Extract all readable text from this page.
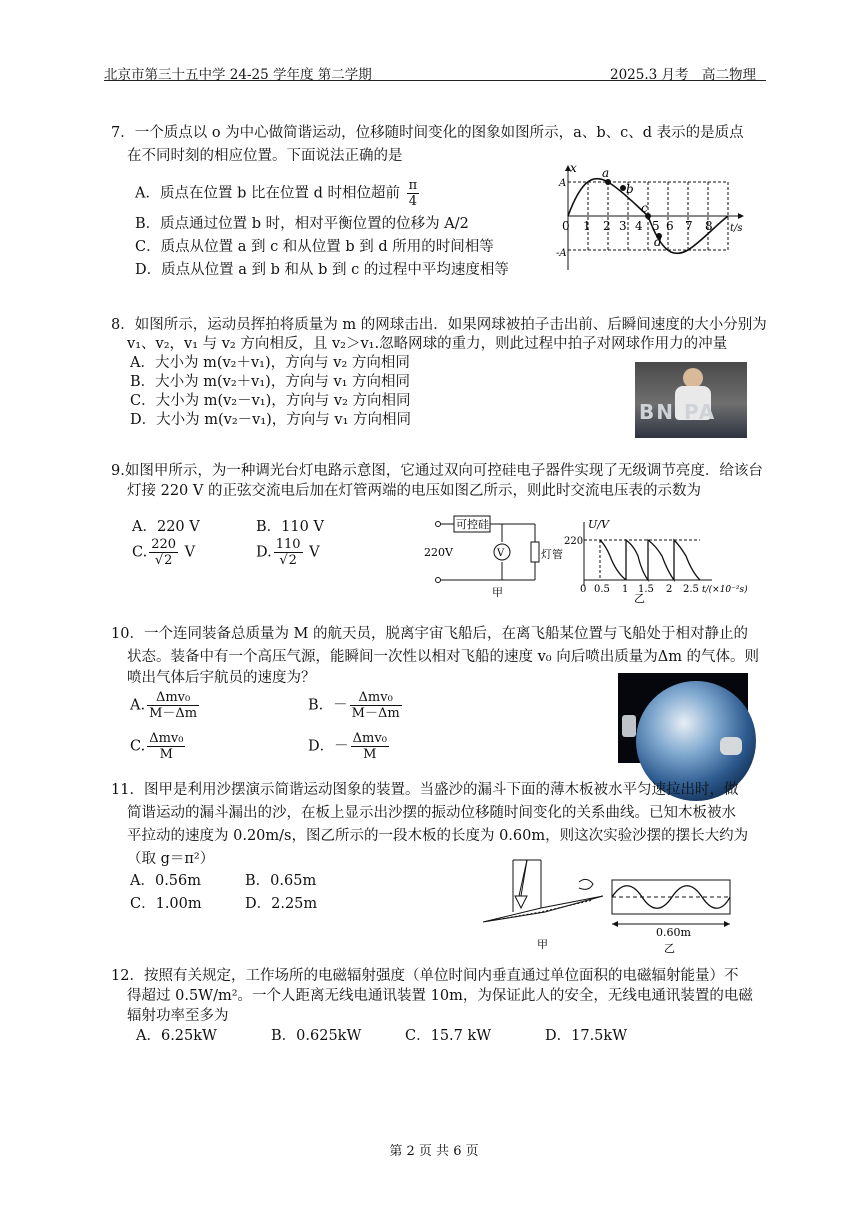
北京市第三十五中学 24-25 学年度 第二学期	2025.3 月考　高二物理
7．一个质点以 o 为中心做简谐运动，位移随时间变化的图象如图所示，a、b、c、d 表示的是质点
在不同时刻的相应位置。下面说法正确的是
A．质点在位置 b 比在位置 d 时相位超前 $\frac{\pi}{4}$
B．质点通过位置 b 时，相对平衡位置的位移为 A/2
C．质点从位置 a 到 c 和从位置 b 到 d 所用的时间相等
D．质点从位置 a 到 b 和从 b 到 c 的过程中平均速度相等
x
A
-A
t/s
0 1 2 3 4 5 6 7 8
a
b
c
d
8．如图所示，运动员挥拍将质量为 m 的网球击出．如果网球被拍子击出前、后瞬间速度的大小分别为
v₁、v₂，v₁ 与 v₂ 方向相反，且 v₂＞v₁.忽略网球的重力，则此过程中拍子对网球作用力的冲量
A．大小为 m(v₂＋v₁)，方向与 v₂ 方向相同
B．大小为 m(v₂＋v₁)，方向与 v₁ 方向相同
C．大小为 m(v₂－v₁)，方向与 v₂ 方向相同
D．大小为 m(v₂－v₁)，方向与 v₁ 方向相同	BN PA
9.如图甲所示，为一种调光台灯电路示意图，它通过双向可控硅电子器件实现了无级调节亮度．给该台
灯接 220 V 的正弦交流电后加在灯管两端的电压如图乙所示，则此时交流电压表的示数为
A．220 V	B．110 V
C. $\frac{220}{√2}$ V	D. $\frac{110}{√2}$ V
可控硅
V	灯管
220V
甲
U/V
220
0 0.5 1 1.5 2 2.5 t/(×10⁻²s)
乙
10．一个连同装备总质量为 M 的航天员，脱离宇宙飞船后，在离飞船某位置与飞船处于相对静止的
状态。装备中有一个高压气源，能瞬间一次性以相对飞船的速度 v₀ 向后喷出质量为Δm 的气体。则
喷出气体后宇航员的速度为？
A. $\frac{\text{Δmv₀}}{M-\Delta m}$	B．－ $\frac{\text{Δmv₀}}{M-\Delta m}$
C. $\frac{\text{Δmv₀}}{M}$	D．－ $\frac{\text{Δmv₀}}{M}$
11．图甲是利用沙摆演示简谐运动图象的装置。当盛沙的漏斗下面的薄木板被水平匀速拉出时，做
简谐运动的漏斗漏出的沙，在板上显示出沙摆的振动位移随时间变化的关系曲线。已知木板被水
平拉动的速度为 0.20m/s，图乙所示的一段木板的长度为 0.60m，则这次实验沙摆的摆长大约为
（取 g＝π²）
A．0.56m	B．0.65m
C．1.00m	D．2.25m
甲
0.60m
乙
12．按照有关规定，工作场所的电磁辐射强度（单位时间内垂直通过单位面积的电磁辐射能量）不
得超过 0.5W/m²。一个人距离无线电通讯装置 10m，为保证此人的安全，无线电通讯装置的电磁
辐射功率至多为
A．6.25kW	B．0.625kW	C．15.7 kW	D．17.5kW
第 2 页 共 6 页
